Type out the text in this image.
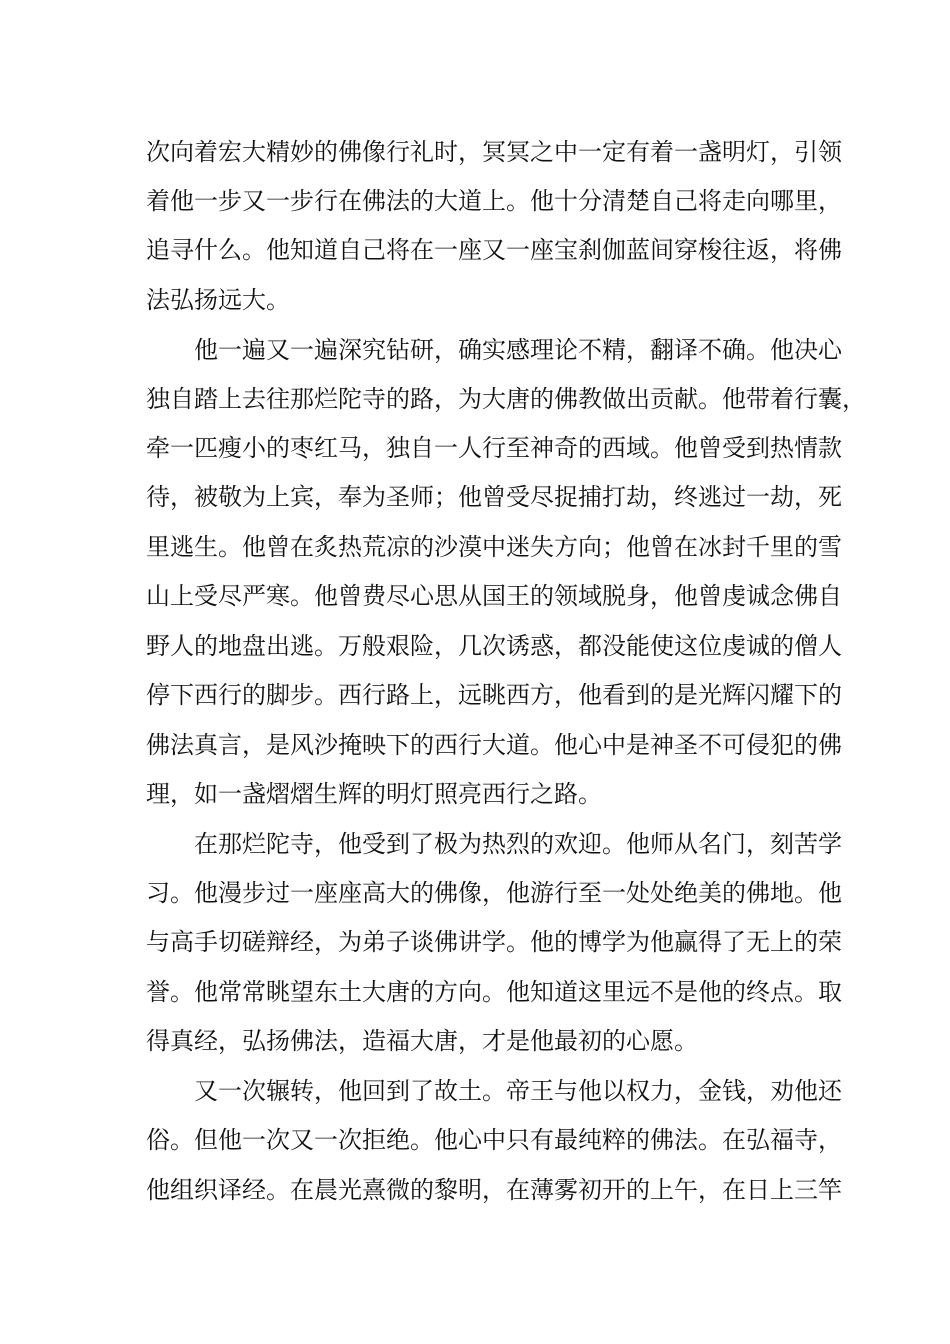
次向着宏大精妙的佛像行礼时，冥冥之中一定有着一盏明灯，引领
着他一步又一步行在佛法的大道上。他十分清楚自己将走向哪里，
追寻什么。他知道自己将在一座又一座宝刹伽蓝间穿梭往返，将佛
法弘扬远大。
他一遍又一遍深究钻研，确实感理论不精，翻译不确。他决心
独自踏上去往那烂陀寺的路，为大唐的佛教做出贡献。他带着行囊，
牵一匹瘦小的枣红马，独自一人行至神奇的西域。他曾受到热情款
待，被敬为上宾，奉为圣师；他曾受尽捉捕打劫，终逃过一劫，死
里逃生。他曾在炙热荒凉的沙漠中迷失方向；他曾在冰封千里的雪
山上受尽严寒。他曾费尽心思从国王的领域脱身，他曾虔诚念佛自
野人的地盘出逃。万般艰险，几次诱惑，都没能使这位虔诚的僧人
停下西行的脚步。西行路上，远眺西方，他看到的是光辉闪耀下的
佛法真言，是风沙掩映下的西行大道。他心中是神圣不可侵犯的佛
理，如一盏熠熠生辉的明灯照亮西行之路。
在那烂陀寺，他受到了极为热烈的欢迎。他师从名门，刻苦学
习。他漫步过一座座高大的佛像，他游行至一处处绝美的佛地。他
与高手切磋辩经，为弟子谈佛讲学。他的博学为他赢得了无上的荣
誉。他常常眺望东土大唐的方向。他知道这里远不是他的终点。取
得真经，弘扬佛法，造福大唐，才是他最初的心愿。
又一次辗转，他回到了故土。帝王与他以权力，金钱，劝他还
俗。但他一次又一次拒绝。他心中只有最纯粹的佛法。在弘福寺，
他组织译经。在晨光熹微的黎明，在薄雾初开的上午，在日上三竿
